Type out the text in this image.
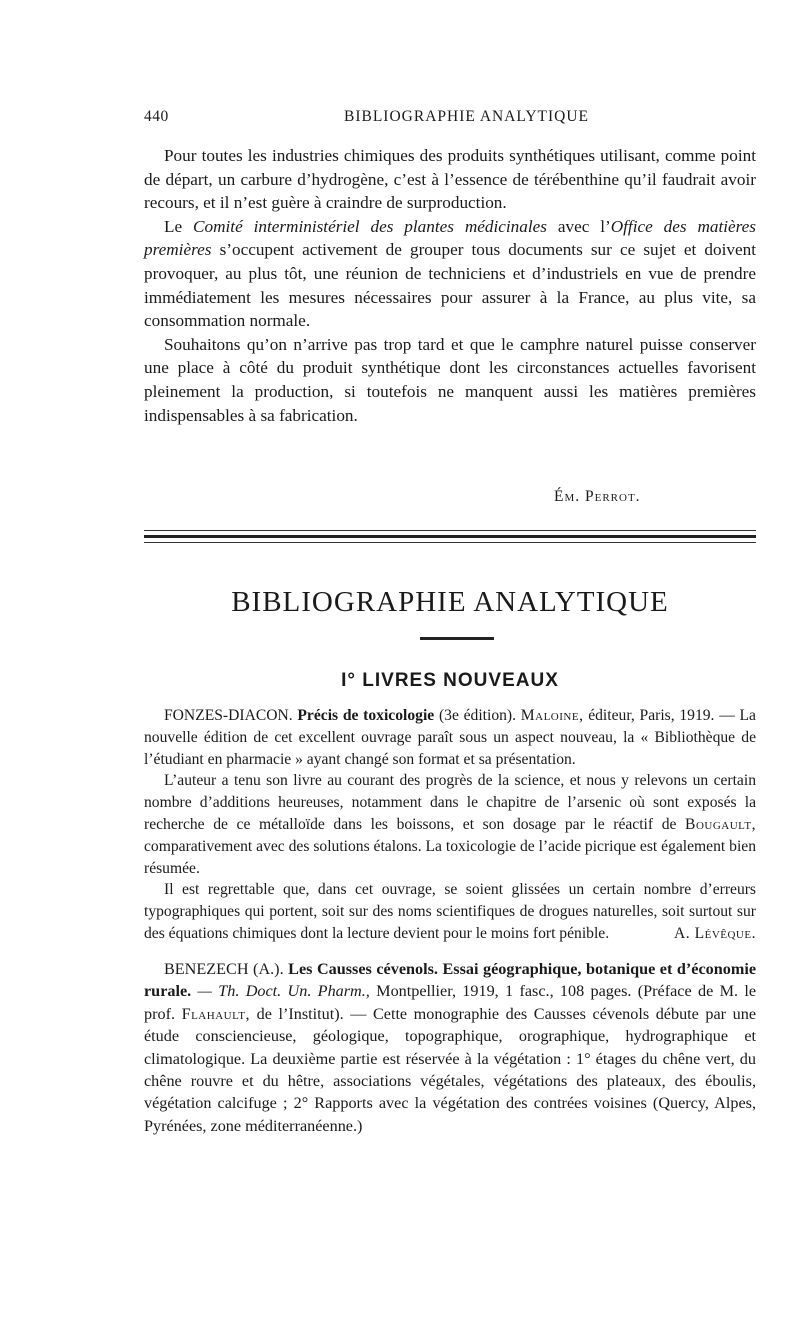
440	BIBLIOGRAPHIE ANALYTIQUE

Pour toutes les industries chimiques des produits synthétiques utilisant, comme point de départ, un carbure d’hydrogène, c’est à l’essence de térébenthine qu’il faudrait avoir recours, et il n’est guère à craindre de surproduction.

Le Comité interministériel des plantes médicinales avec l’Office des matières premières s’occupent activement de grouper tous documents sur ce sujet et doivent provoquer, au plus tôt, une réunion de techniciens et d’industriels en vue de prendre immédiatement les mesures nécessaires pour assurer à la France, au plus vite, sa consommation normale.

Souhaitons qu’on n’arrive pas trop tard et que le camphre naturel puisse conserver une place à côté du produit synthétique dont les circonstances actuelles favorisent pleinement la production, si toutefois ne manquent aussi les matières premières indispensables à sa fabrication.

Ém. Perrot.
BIBLIOGRAPHIE ANALYTIQUE
I° LIVRES NOUVEAUX

FONZES-DIACON. Précis de toxicologie (3e édition). Maloine, éditeur, Paris, 1919. — La nouvelle édition de cet excellent ouvrage paraît sous un aspect nouveau, la « Bibliothèque de l’étudiant en pharmacie » ayant changé son format et sa présentation.

L’auteur a tenu son livre au courant des progrès de la science, et nous y relevons un certain nombre d’additions heureuses, notamment dans le chapitre de l’arsenic où sont exposés la recherche de ce métalloïde dans les boissons, et son dosage par le réactif de Bougault, comparativement avec des solutions étalons. La toxicologie de l’acide picrique est également bien résumée.

Il est regrettable que, dans cet ouvrage, se soient glissées un certain nombre d’erreurs typographiques qui portent, soit sur des noms scientifiques de drogues naturelles, soit surtout sur des équations chimiques dont la lecture devient pour le moins fort pénible.	A. Lévêque.

BENEZECH (A.). Les Causses cévenols. Essai géographique, botanique et d’économie rurale. — Th. Doct. Un. Pharm., Montpellier, 1919, 1 fasc., 108 pages. (Préface de M. le prof. Flahault, de l’Institut). — Cette monographie des Causses cévenols débute par une étude consciencieuse, géologique, topographique, orographique, hydrographique et climatologique. La deuxième partie est réservée à la végétation : 1° étages du chêne vert, du chêne rouvre et du hêtre, associations végétales, végétations des plateaux, des éboulis, végétation calcifuge ; 2° Rapports avec la végétation des contrées voisines (Quercy, Alpes, Pyrénées, zone méditerranéenne.)
